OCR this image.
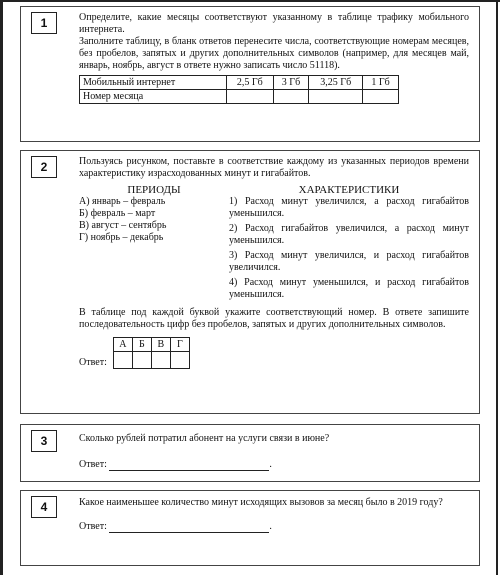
1	Определите, какие месяцы соответствуют указанному в таблице трафику мобильного интернета.

Заполните таблицу, в бланк ответов перенесите числа, соответствующие номерам месяцев, без пробелов, запятых и других дополнительных символов (например, для месяцев май, январь, ноябрь, август в ответе нужно записать число 51118).

Мобильный интернет	2,5 Гб	3 Гб	3,25 Гб	1 Гб
Номер месяца				
2	Пользуясь рисунком, поставьте в соответствие каждому из указанных периодов времени характеристику израсходованных минут и гигабайтов.

ПЕРИОДЫ
А) январь – февраль
Б) февраль – март
В) август – сентябрь
Г) ноябрь – декабрь
ХАРАКТЕРИСТИКИ
1) Расход минут увеличился, а расход гигабайтов уменьшился.
2) Расход гигабайтов увеличился, а расход минут уменьшился.
3) Расход минут увеличился, и расход гигабайтов увеличился.
4) Расход минут уменьшился, и расход гигабайтов уменьшился.

В таблице под каждой буквой укажите соответствующий номер. В ответе запишите последовательность цифр без пробелов, запятых и других дополнительных символов.

Ответ:
А	Б	В	Г

3	Сколько рублей потратил абонент на услуги связи в июне?

Ответ:	.
4	Какое наименьшее количество минут исходящих вызовов за месяц было в 2019 году?

Ответ:	.
